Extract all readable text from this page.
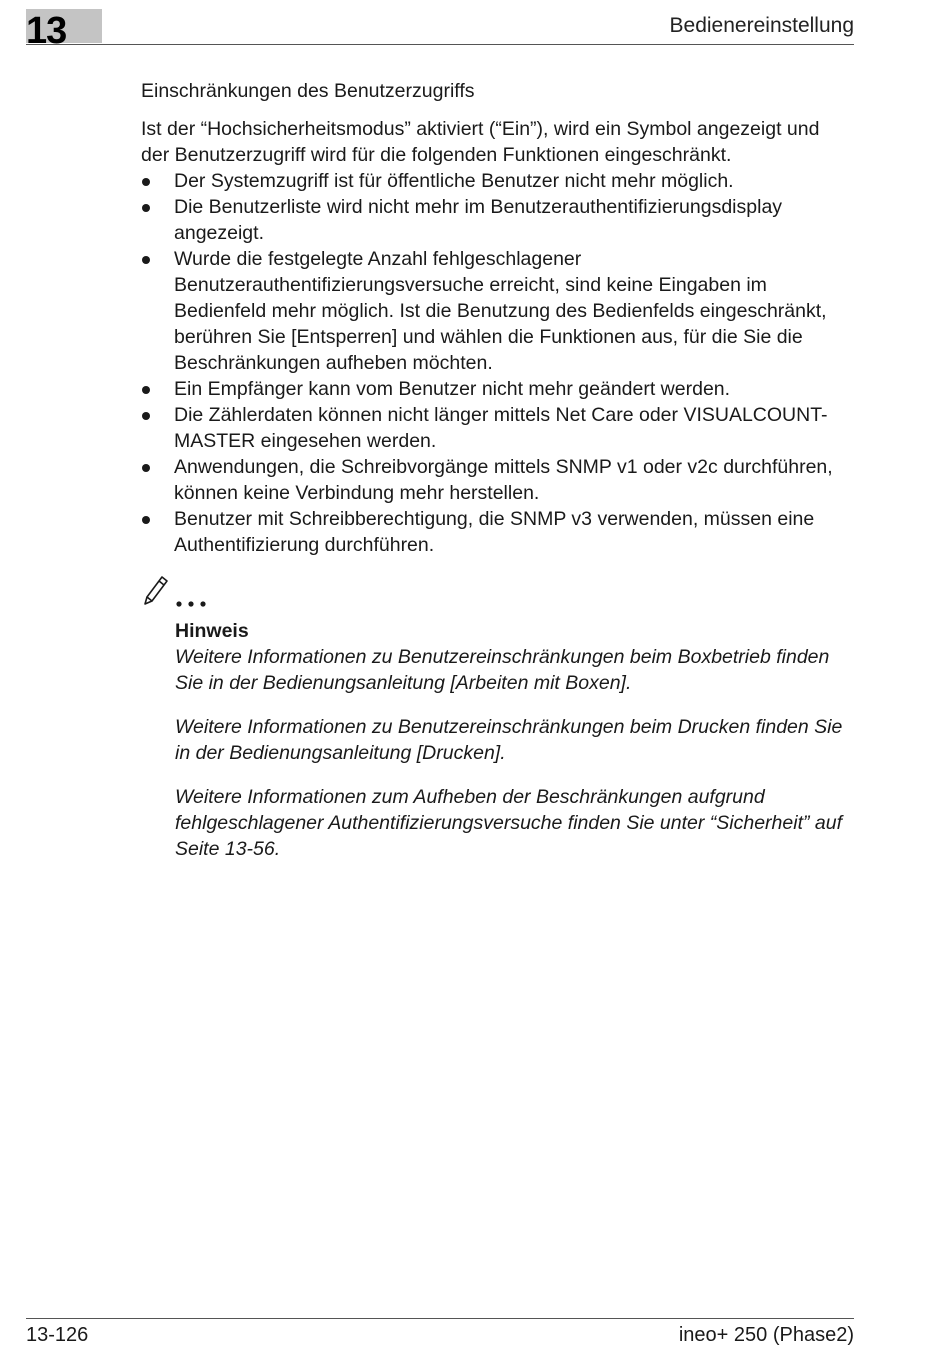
13	Bedienereinstellung

Einschränkungen des Benutzerzugriffs

Ist der “Hochsicherheitsmodus” aktiviert (“Ein”), wird ein Symbol angezeigt und der Benutzerzugriff wird für die folgenden Funktionen eingeschränkt.

Der Systemzugriff ist für öffentliche Benutzer nicht mehr möglich.
Die Benutzerliste wird nicht mehr im Benutzerauthentifizierungsdisplay angezeigt.
Wurde die festgelegte Anzahl fehlgeschlagener Benutzerauthentifizierungsversuche erreicht, sind keine Eingaben im Bedienfeld mehr möglich. Ist die Benutzung des Bedienfelds eingeschränkt, berühren Sie [Entsperren] und wählen die Funktionen aus, für die Sie die Beschränkungen aufheben möchten.
Ein Empfänger kann vom Benutzer nicht mehr geändert werden.
Die Zählerdaten können nicht länger mittels Net Care oder VISUALCOUNT-MASTER eingesehen werden.
Anwendungen, die Schreibvorgänge mittels SNMP v1 oder v2c durchführen, können keine Verbindung mehr herstellen.
Benutzer mit Schreibberechtigung, die SNMP v3 verwenden, müssen eine Authentifizierung durchführen.

Hinweis

Weitere Informationen zu Benutzereinschränkungen beim Boxbetrieb finden Sie in der Bedienungsanleitung [Arbeiten mit Boxen].

Weitere Informationen zu Benutzereinschränkungen beim Drucken finden Sie in der Bedienungsanleitung [Drucken].

Weitere Informationen zum Aufheben der Beschränkungen aufgrund fehlgeschlagener Authentifizierungsversuche finden Sie unter “Sicherheit” auf Seite 13-56.

13-126	ineo+ 250 (Phase2)
